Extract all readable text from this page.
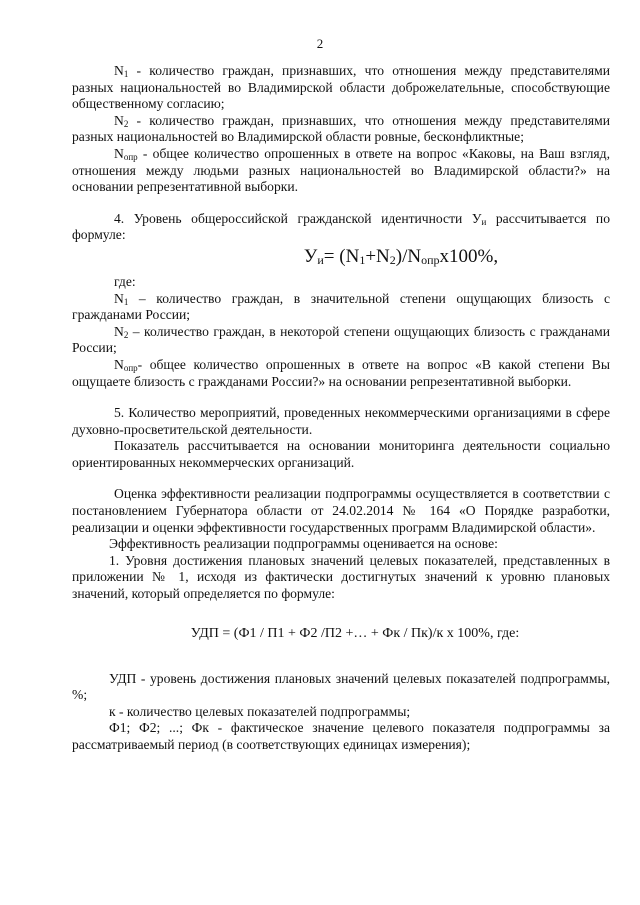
2

$N_1$ - количество граждан, признавших, что отношения между представителями разных национальностей во Владимирской области доброжелательные, способствующие общественному согласию;

$N_2$ - количество граждан, признавших, что отношения между представителями разных национальностей во Владимирской области ровные, бесконфликтные;

$N_{опр}$ - общее количество опрошенных в ответе на вопрос «Каковы, на Ваш взгляд, отношения между людьми разных национальностей во Владимирской области?» на основании репрезентативной выборки.

4. Уровень общероссийской гражданской идентичности $У_и$ рассчитывается по формуле:

$У_и= (N_1+N_2)/N_{опр}x100\%$,

где:

$N_1$ – количество граждан, в значительной степени ощущающих близость с гражданами России;

$N_2$ – количество граждан, в некоторой степени ощущающих близость с гражданами России;

$N_{опр}-$ общее количество опрошенных в ответе на вопрос «В какой степени Вы ощущаете близость с гражданами России?» на основании репрезентативной выборки.

5. Количество мероприятий, проведенных некоммерческими организациями в сфере духовно-просветительской деятельности.

Показатель рассчитывается на основании мониторинга деятельности социально ориентированных некоммерческих организаций.

Оценка эффективности реализации подпрограммы осуществляется в соответствии с постановлением Губернатора области от 24.02.2014 № 164 «О Порядке разработки, реализации и оценки эффективности государственных программ Владимирской области».

Эффективность реализации подпрограммы оценивается на основе:

1. Уровня достижения плановых значений целевых показателей, представленных в приложении № 1, исходя из фактически достигнутых значений к уровню плановых значений, который определяется по формуле:

УДП = (Ф1 / П1 + Ф2 /П2 +… + Фк / Пк)/к х 100%, где:

УДП - уровень достижения плановых значений целевых показателей подпрограммы, %;

к - количество целевых показателей подпрограммы;

Ф1; Ф2; ...; Фк - фактическое значение целевого показателя подпрограммы за рассматриваемый период (в соответствующих единицах измерения);
